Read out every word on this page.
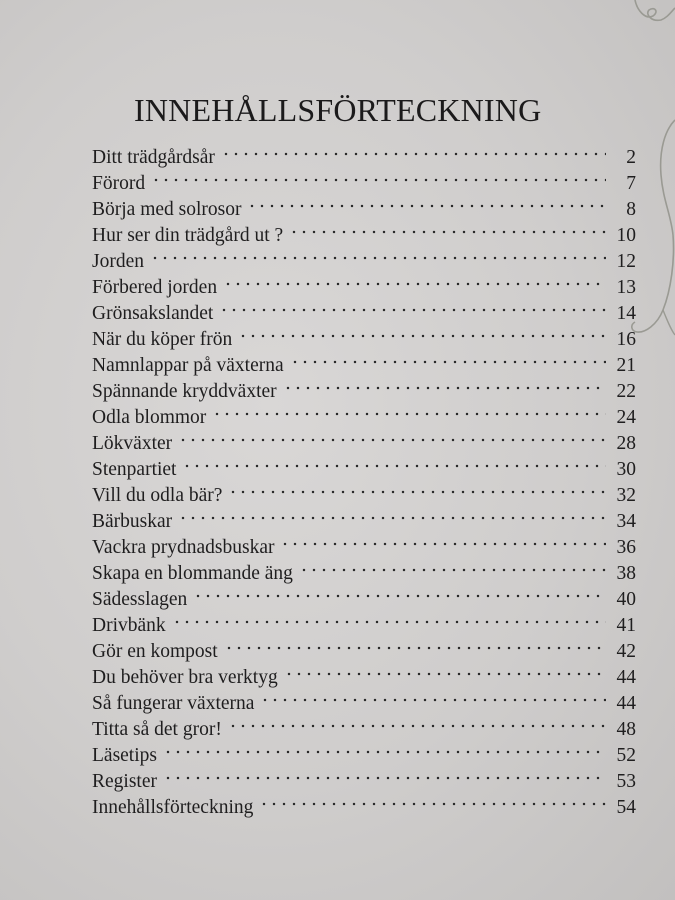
INNEHÅLLSFÖRTECKNING
Ditt trädgårdsår	2
Förord	7
Börja med solrosor	8
Hur ser din trädgård ut ?	10
Jorden	12
Förbered jorden	13
Grönsakslandet	14
När du köper frön	16
Namnlappar på växterna	21
Spännande kryddväxter	22
Odla blommor	24
Lökväxter	28
Stenpartiet	30
Vill du odla bär?	32
Bärbuskar	34
Vackra prydnadsbuskar	36
Skapa en blommande äng	38
Sädesslagen	40
Drivbänk	41
Gör en kompost	42
Du behöver bra verktyg	44
Så fungerar växterna	44
Titta så det gror!	48
Läsetips	52
Register	53
Innehållsförteckning	54
